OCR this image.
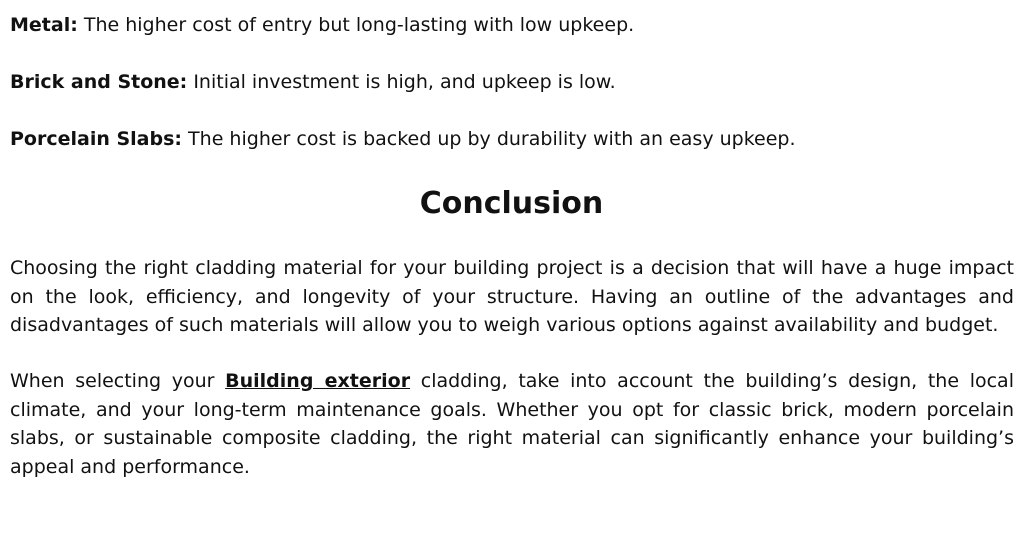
Metal: The higher cost of entry but long-lasting with low upkeep.

Brick and Stone: Initial investment is high, and upkeep is low.

Porcelain Slabs: The higher cost is backed up by durability with an easy upkeep.

Conclusion

Choosing the right cladding material for your building project is a decision that will have a huge impact on the look, efficiency, and longevity of your structure. Having an outline of the advantages and disadvantages of such materials will allow you to weigh various options against availability and budget.

When selecting your Building exterior cladding, take into account the building’s design, the local climate, and your long-term maintenance goals. Whether you opt for classic brick, modern porcelain slabs, or sustainable composite cladding, the right material can significantly enhance your building’s appeal and performance.
